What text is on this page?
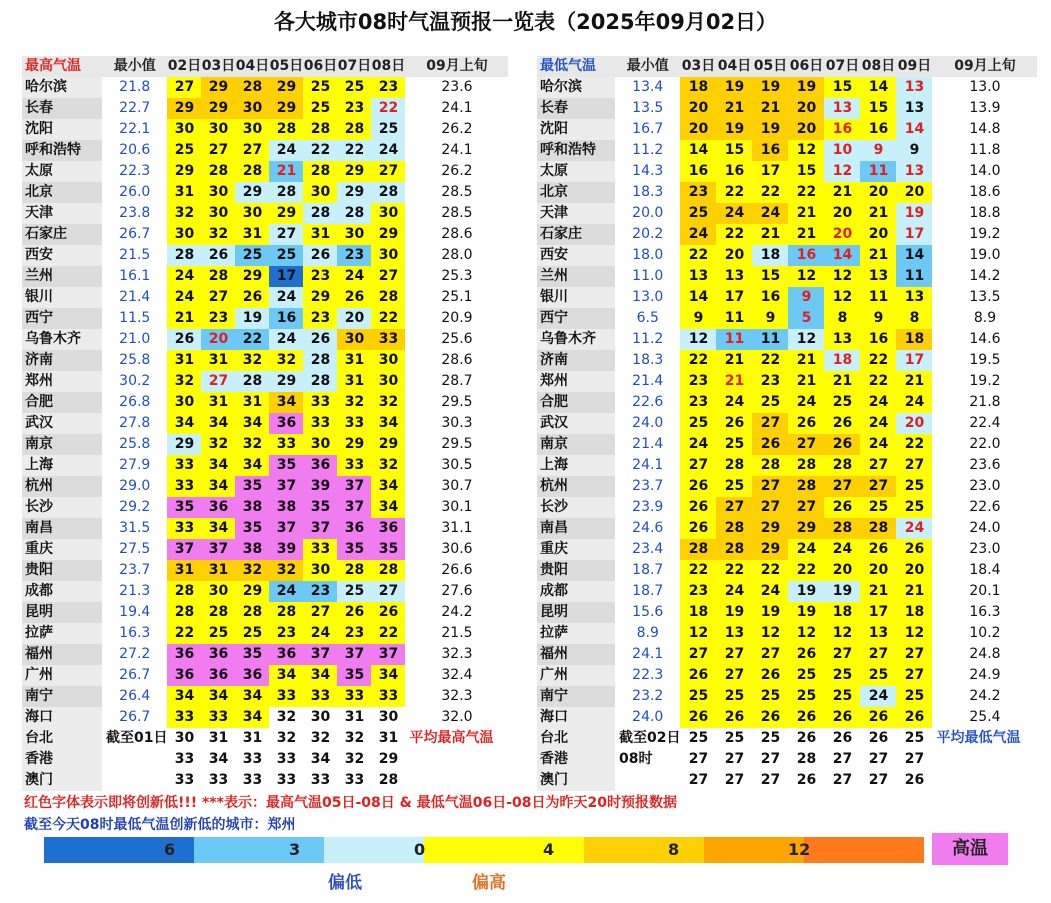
各大城市08时气温预报一览表（2025年09月02日）
最高气温	最小值	02日	03日	04日	05日	06日	07日	08日	09月上旬
哈尔滨	21.8	27	29	28	29	25	25	23	23.6
长春	22.7	29	29	30	29	25	23	22	24.1
沈阳	22.1	30	30	30	28	28	28	25	26.2
呼和浩特	20.6	25	27	27	24	22	22	24	24.1
太原	22.3	29	28	28	21	28	29	27	26.2
北京	26.0	31	30	29	28	30	29	28	28.5
天津	23.8	32	30	30	29	28	28	30	28.5
石家庄	26.7	30	32	31	27	31	30	29	28.6
西安	21.5	28	26	25	25	26	23	30	28.0
兰州	16.1	24	28	29	17	23	24	27	25.3
银川	21.4	24	27	26	24	29	26	28	25.1
西宁	11.5	21	23	19	16	23	20	22	20.9
乌鲁木齐	21.0	26	20	22	24	26	30	33	25.6
济南	25.8	31	31	32	32	28	31	30	28.6
郑州	30.2	32	27	28	29	28	31	30	28.7
合肥	26.8	30	31	31	34	33	32	32	29.5
武汉	27.8	34	34	34	36	33	33	34	30.3
南京	25.8	29	32	32	33	30	29	29	29.5
上海	27.9	33	34	34	35	36	33	32	30.5
杭州	29.0	33	34	35	37	39	37	34	30.7
长沙	29.2	35	36	38	38	35	37	34	30.1
南昌	31.5	33	34	35	37	37	36	36	31.1
重庆	27.5	37	37	38	39	33	35	35	30.6
贵阳	23.7	31	31	32	32	30	28	28	26.6
成都	21.3	28	30	29	24	23	25	27	27.6
昆明	19.4	28	28	28	28	27	26	26	24.2
拉萨	16.3	22	25	25	23	24	23	22	21.5
福州	27.2	36	36	35	36	37	37	37	32.3
广州	26.7	36	36	36	34	34	35	34	32.4
南宁	26.4	34	34	34	33	33	33	33	32.3
海口	26.7	33	33	34	32	30	31	30	32.0
台北	截至01日	30	31	31	32	32	32	31	平均最高气温
香港		33	34	33	33	34	32	29	
澳门		33	33	33	33	33	33	28	
最低气温	最小值	03日	04日	05日	06日	07日	08日	09日	09月上旬
哈尔滨	13.4	18	19	19	19	15	14	13	13.0
长春	13.5	20	21	21	20	13	15	13	13.9
沈阳	16.7	20	19	19	20	16	16	14	14.8
呼和浩特	11.2	14	15	16	12	10	9	9	11.8
太原	14.3	16	16	17	15	12	11	13	14.0
北京	18.3	23	22	22	22	21	20	20	18.6
天津	20.0	25	24	24	21	20	21	19	18.8
石家庄	20.2	24	22	21	21	20	20	17	19.2
西安	18.0	22	20	18	16	14	21	14	19.0
兰州	11.0	13	13	15	12	12	13	11	14.2
银川	13.0	14	17	16	9	12	11	13	13.5
西宁	6.5	9	11	9	5	8	9	8	8.9
乌鲁木齐	11.2	12	11	11	12	13	16	18	14.6
济南	18.3	22	21	22	21	18	22	17	19.5
郑州	21.4	23	21	23	21	21	22	21	19.2
合肥	22.6	23	24	25	24	25	24	24	21.8
武汉	24.0	25	26	27	26	26	24	20	22.4
南京	21.4	24	25	26	27	26	24	22	22.0
上海	24.1	27	28	28	28	28	27	27	23.6
杭州	23.7	26	25	27	28	27	27	25	23.0
长沙	23.9	26	27	27	27	26	25	25	22.6
南昌	24.6	26	28	29	29	28	28	24	24.0
重庆	23.4	28	28	29	24	24	26	26	23.0
贵阳	18.7	22	22	22	22	20	20	20	18.4
成都	18.7	23	24	24	19	19	21	21	20.1
昆明	15.6	18	19	19	19	18	17	18	16.3
拉萨	8.9	12	13	12	12	12	13	12	10.2
福州	24.1	27	27	27	26	27	27	27	24.8
广州	22.3	26	27	26	25	25	25	27	24.9
南宁	23.2	25	25	25	25	25	24	25	24.2
海口	24.0	26	26	26	26	26	26	26	25.4
台北	截至02日	25	25	25	26	26	26	25	平均最低气温
香港	08时	27	27	27	28	27	27	27	
澳门		27	27	27	26	27	27	26	
红色字体表示即将创新低!!! ***表示：最高气温05日-08日 & 最低气温06日-08日为昨天20时预报数据
截至今天08时最低气温创新低的城市：郑州
6	3	0	4	8	12	高温
偏低	偏高
